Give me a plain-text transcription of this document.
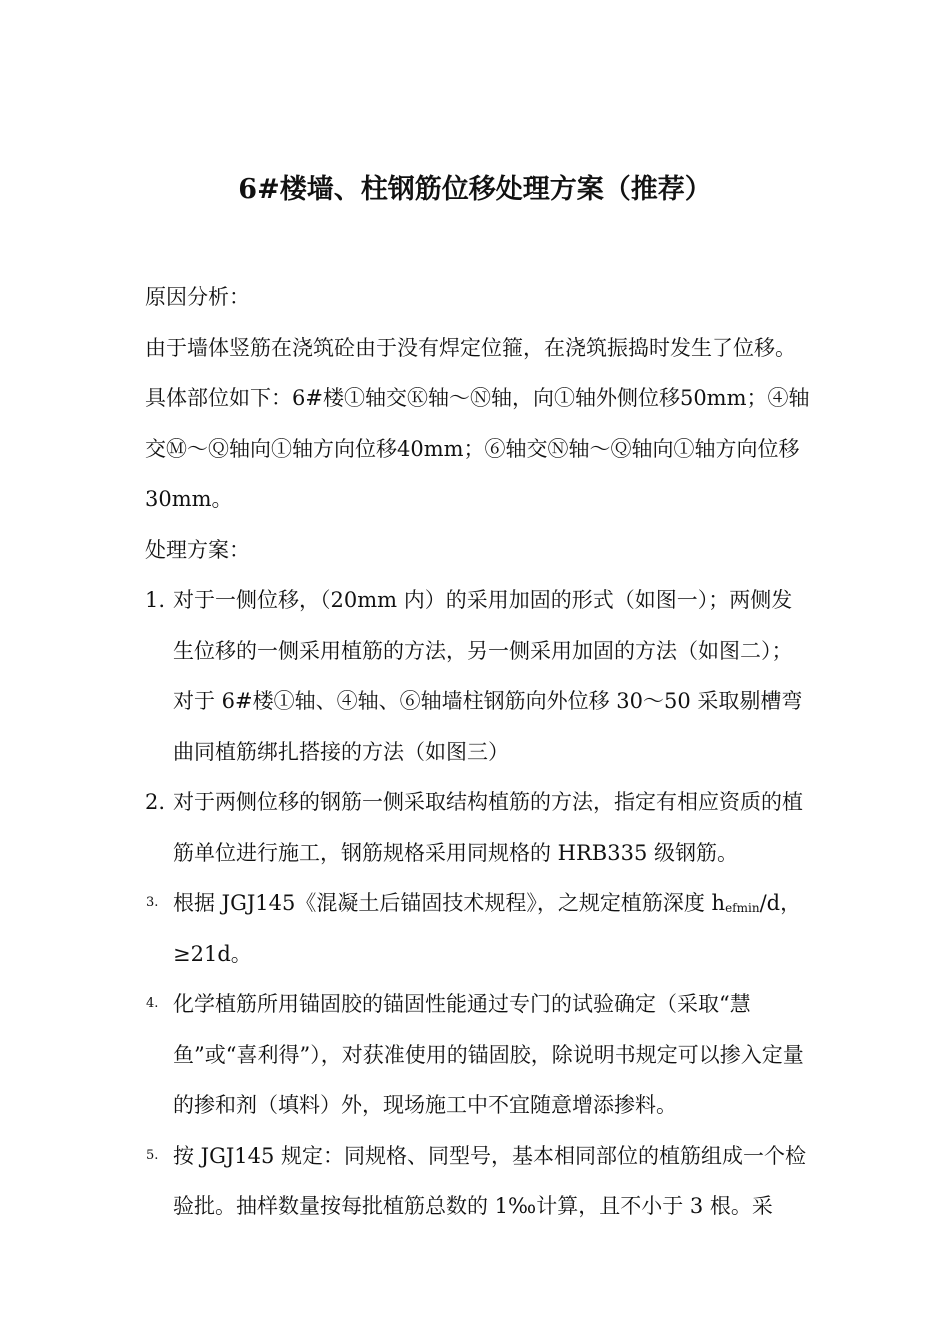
6#楼墙、柱钢筋位移处理方案（推荐）

原因分析：

由于墙体竖筋在浇筑砼由于没有焊定位箍，在浇筑振捣时发生了位移。具体部位如下：6#楼①轴交Ⓚ轴～Ⓝ轴，向①轴外侧位移50mm；④轴交Ⓜ～Ⓠ轴向①轴方向位移40mm；⑥轴交Ⓝ轴～Ⓠ轴向①轴方向位移30mm。

处理方案：

1. 对于一侧位移，（20mm 内）的采用加固的形式（如图一）；两侧发生位移的一侧采用植筋的方法，另一侧采用加固的方法（如图二）；对于 6#楼①轴、④轴、⑥轴墙柱钢筋向外位移 30～50 采取剔槽弯曲同植筋绑扎搭接的方法（如图三）
2. 对于两侧位移的钢筋一侧采取结构植筋的方法，指定有相应资质的植筋单位进行施工，钢筋规格采用同规格的 HRB335 级钢筋。
3. 根据 JGJ145《混凝土后锚固技术规程》，之规定植筋深度 $h_{efmin}/d$，≥21d。
4. 化学植筋所用锚固胶的锚固性能通过专门的试验确定（采取“慧鱼”或“喜利得”），对获准使用的锚固胶，除说明书规定可以掺入定量的掺和剂（填料）外，现场施工中不宜随意增添掺料。
5. 按 JGJ145 规定：同规格、同型号，基本相同部位的植筋组成一个检验批。抽样数量按每批植筋总数的 1‰计算，且不小于 3 根。采
